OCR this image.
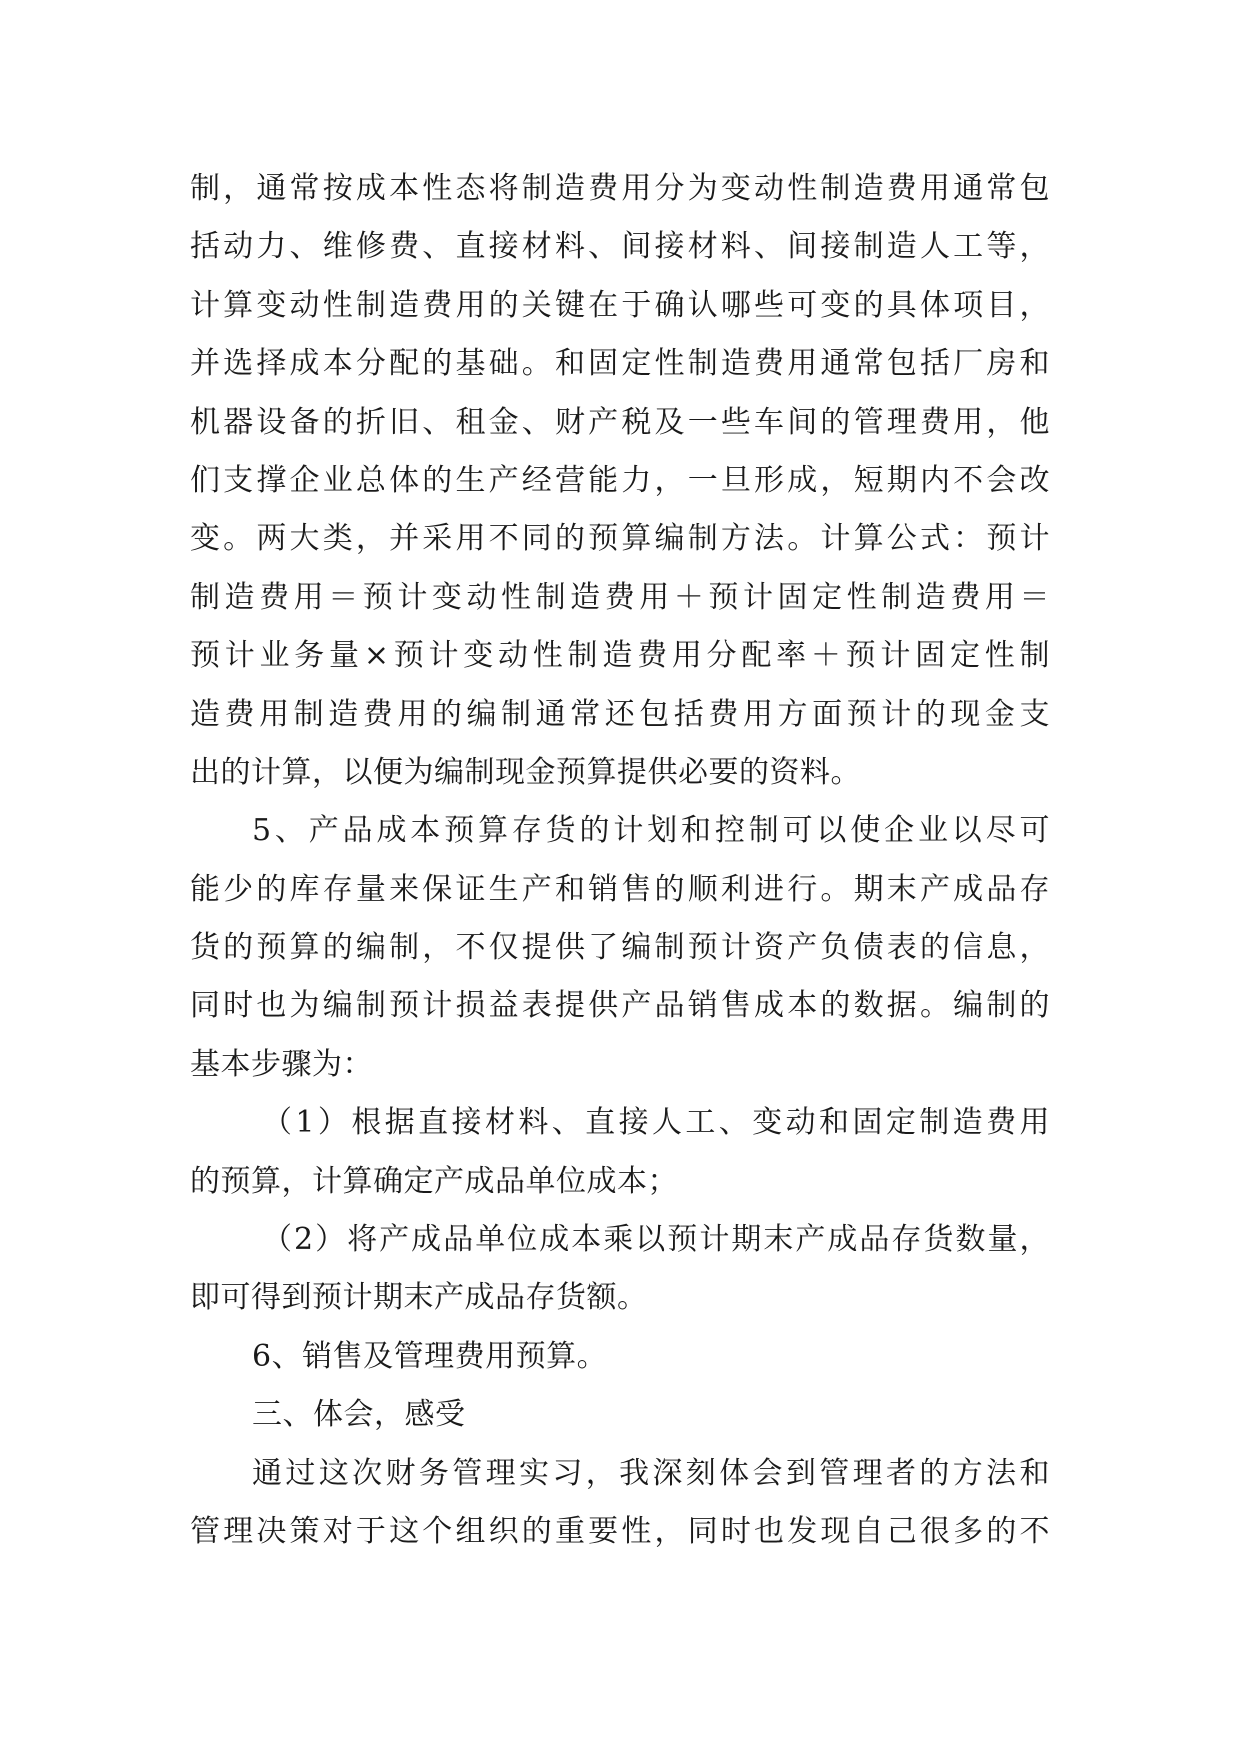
制，通常按成本性态将制造费用分为变动性制造费用通常包
括动力、维修费、直接材料、间接材料、间接制造人工等，
计算变动性制造费用的关键在于确认哪些可变的具体项目，
并选择成本分配的基础。和固定性制造费用通常包括厂房和
机器设备的折旧、租金、财产税及一些车间的管理费用，他
们支撑企业总体的生产经营能力，一旦形成，短期内不会改
变。两大类，并采用不同的预算编制方法。计算公式：预计
制造费用＝预计变动性制造费用＋预计固定性制造费用＝
预计业务量×预计变动性制造费用分配率＋预计固定性制
造费用制造费用的编制通常还包括费用方面预计的现金支
出的计算，以便为编制现金预算提供必要的资料。
5、产品成本预算存货的计划和控制可以使企业以尽可
能少的库存量来保证生产和销售的顺利进行。期末产成品存
货的预算的编制，不仅提供了编制预计资产负债表的信息，
同时也为编制预计损益表提供产品销售成本的数据。编制的
基本步骤为：
（1）根据直接材料、直接人工、变动和固定制造费用
的预算，计算确定产成品单位成本；
（2）将产成品单位成本乘以预计期末产成品存货数量，
即可得到预计期末产成品存货额。
6、销售及管理费用预算。
三、体会，感受
通过这次财务管理实习，我深刻体会到管理者的方法和
管理决策对于这个组织的重要性，同时也发现自己很多的不
